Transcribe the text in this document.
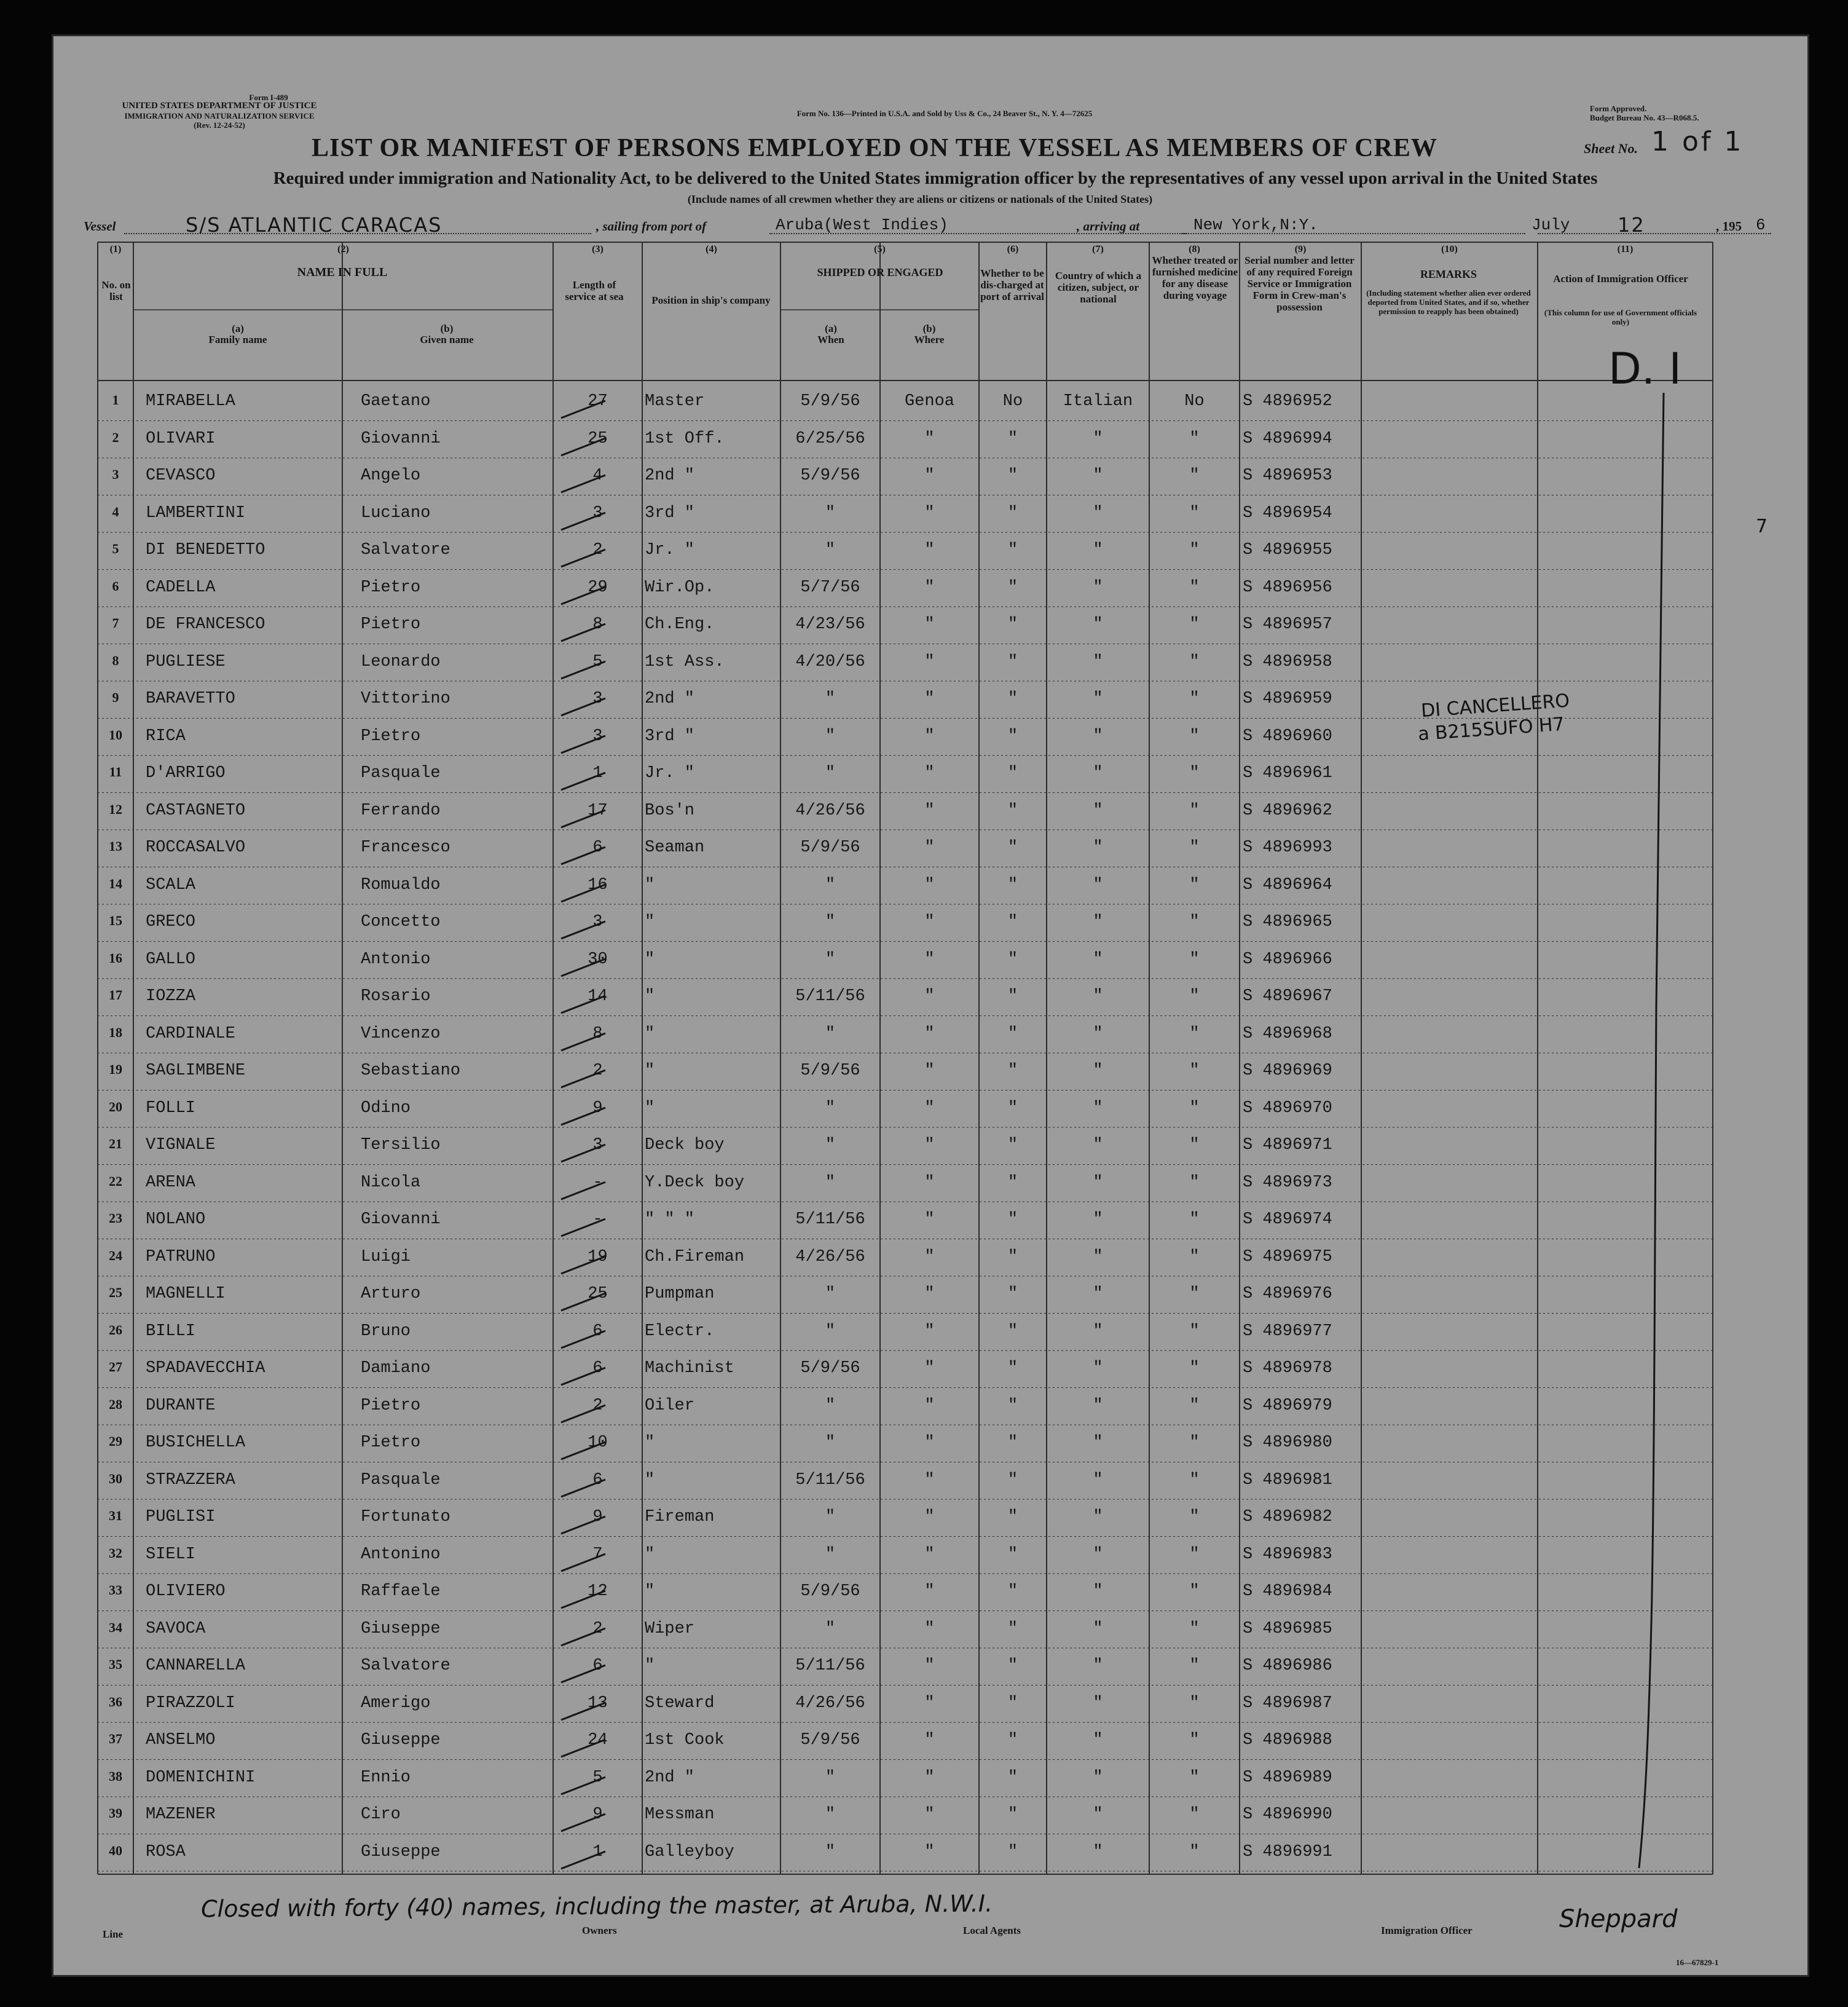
Form I-489
UNITED STATES DEPARTMENT OF JUSTICE
IMMIGRATION AND NATURALIZATION SERVICE
(Rev. 12-24-52)
Form No. 136—Printed in U.S.A. and Sold by Uss & Co., 24 Beaver St., N. Y. 4—72625
Form Approved.
Budget Bureau No. 43—R068.5.
LIST OR MANIFEST OF PERSONS EMPLOYED ON THE VESSEL AS MEMBERS OF CREW	Sheet No. 1 of 1
Required under immigration and Nationality Act, to be delivered to the United States immigration officer by the representatives of any vessel upon arrival in the United States
(Include names of all crewmen whether they are aliens or citizens or nationals of the United States)
Vessel	S/S ATLANTIC CARACAS	, sailing from port of	Aruba(West Indies)	, arriving at	New York,N:Y.	July 12	, 195 6
(1)	(2)	(3)	(4)	(5)	(6)	(7)	(8)	(9)	(10)	(11)
No. on list
NAME IN FULL
(a)
Family name
(b)
Given name
Length of service at sea	Position in ship's company
SHIPPED OR ENGAGED
(a)
When
(b)
Where
Whether to be dis-charged at port of arrival
Country of which a citizen, subject, or national
Whether treated or furnished medicine for any disease during voyage
Serial number and letter of any required Foreign Service or Immigration Form in Crew-man's possession
REMARKS
(Including statement whether alien ever ordered deported from United States, and if so, whether permission to reapply has been obtained)
Action of Immigration Officer
(This column for use of Government officials only)
1	MIRABELLA	Gaetano	27	Master	5/9/56	Genoa	No	Italian	No	S 4896952
2	OLIVARI	Giovanni	25	1st Off.	6/25/56	"	"	"	"	S 4896994
3	CEVASCO	Angelo	4	2nd "	5/9/56	"	"	"	"	S 4896953
4	LAMBERTINI	Luciano	3	3rd "	"	"	"	"	"	S 4896954
5	DI BENEDETTO	Salvatore	2	Jr. "	"	"	"	"	"	S 4896955
6	CADELLA	Pietro	29	Wir.Op.	5/7/56	"	"	"	"	S 4896956
7	DE FRANCESCO	Pietro	8	Ch.Eng.	4/23/56	"	"	"	"	S 4896957
8	PUGLIESE	Leonardo	5	1st Ass.	4/20/56	"	"	"	"	S 4896958
9	BARAVETTO	Vittorino	3	2nd "	"	"	"	"	"	S 4896959
10	RICA	Pietro	3	3rd "	"	"	"	"	"	S 4896960
11	D'ARRIGO	Pasquale	1	Jr. "	"	"	"	"	"	S 4896961
12	CASTAGNETO	Ferrando	17	Bos'n	4/26/56	"	"	"	"	S 4896962
13	ROCCASALVO	Francesco	6	Seaman	5/9/56	"	"	"	"	S 4896993
14	SCALA	Romualdo	16	"	"	"	"	"	"	S 4896964
15	GRECO	Concetto	3	"	"	"	"	"	"	S 4896965
16	GALLO	Antonio	30	"	"	"	"	"	"	S 4896966
17	IOZZA	Rosario	14	"	5/11/56	"	"	"	"	S 4896967
18	CARDINALE	Vincenzo	8	"	"	"	"	"	"	S 4896968
19	SAGLIMBENE	Sebastiano	2	"	5/9/56	"	"	"	"	S 4896969
20	FOLLI	Odino	9	"	"	"	"	"	"	S 4896970
21	VIGNALE	Tersilio	3	Deck boy	"	"	"	"	"	S 4896971
22	ARENA	Nicola	-	Y.Deck boy	"	"	"	"	"	S 4896973
23	NOLANO	Giovanni	-	" " "	5/11/56	"	"	"	"	S 4896974
24	PATRUNO	Luigi	19	Ch.Fireman	4/26/56	"	"	"	"	S 4896975
25	MAGNELLI	Arturo	25	Pumpman	"	"	"	"	"	S 4896976
26	BILLI	Bruno	6	Electr.	"	"	"	"	"	S 4896977
27	SPADAVECCHIA	Damiano	6	Machinist	5/9/56	"	"	"	"	S 4896978
28	DURANTE	Pietro	2	Oiler	"	"	"	"	"	S 4896979
29	BUSICHELLA	Pietro	10	"	"	"	"	"	"	S 4896980
30	STRAZZERA	Pasquale	6	"	5/11/56	"	"	"	"	S 4896981
31	PUGLISI	Fortunato	9	Fireman	"	"	"	"	"	S 4896982
32	SIELI	Antonino	7	"	"	"	"	"	"	S 4896983
33	OLIVIERO	Raffaele	12	"	5/9/56	"	"	"	"	S 4896984
34	SAVOCA	Giuseppe	2	Wiper	"	"	"	"	"	S 4896985
35	CANNARELLA	Salvatore	6	"	5/11/56	"	"	"	"	S 4896986
36	PIRAZZOLI	Amerigo	13	Steward	4/26/56	"	"	"	"	S 4896987
37	ANSELMO	Giuseppe	24	1st Cook	5/9/56	"	"	"	"	S 4896988
38	DOMENICHINI	Ennio	5	2nd "	"	"	"	"	"	S 4896989
39	MAZENER	Ciro	9	Messman	"	"	"	"	"	S 4896990
40	ROSA	Giuseppe	1	Galleyboy	"	"	"	"	"	S 4896991
DI CANCELLERO
a B215SUFO H7
D. I
7
Closed with forty (40) names, including the master, at Aruba, N.W.I.
Line	Owners	Local Agents	Immigration Officer	Sheppard
16—67829-1
